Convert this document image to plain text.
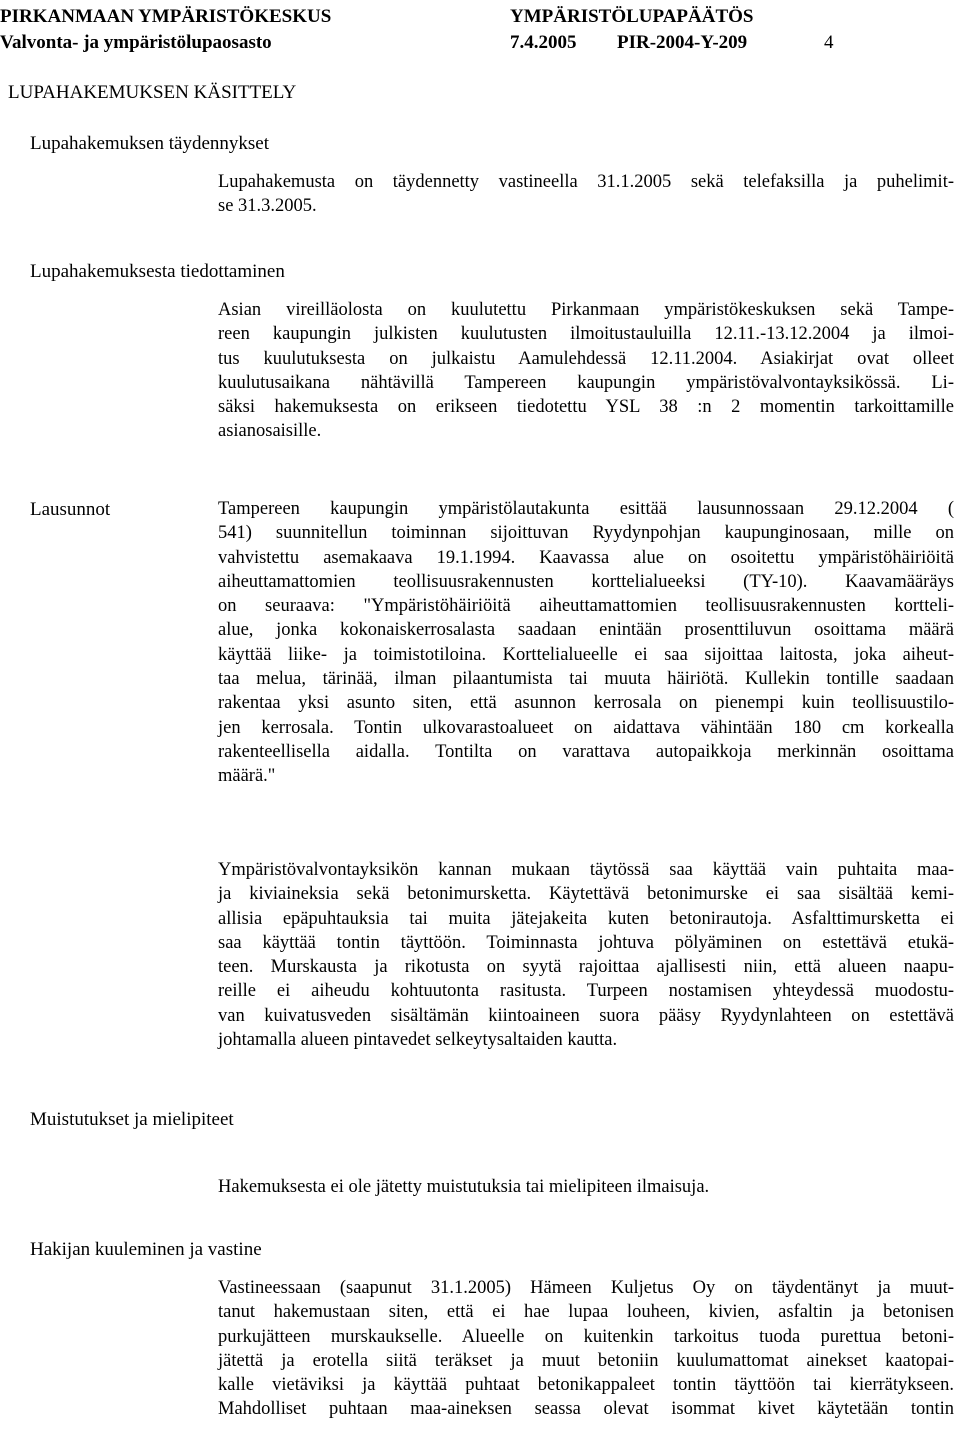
PIRKANMAAN YMPÄRISTÖKESKUS	YMPÄRISTÖLUPAPÄÄTÖS
Valvonta- ja ympäristölupaosasto	7.4.2005 PIR-2004-Y-209	4
LUPAHAKEMUKSEN KÄSITTELY
Lupahakemuksen täydennykset
Lupahakemusta on täydennetty vastineella 31.1.2005 sekä telefaksilla ja puhelimit-
se 31.3.2005.
Lupahakemuksesta tiedottaminen
Asian vireilläolosta on kuulutettu Pirkanmaan ympäristökeskuksen sekä Tampe-
reen kaupungin julkisten kuulutusten ilmoitustauluilla 12.11.-13.12.2004 ja ilmoi-
tus kuulutuksesta on julkaistu Aamulehdessä 12.11.2004. Asiakirjat ovat olleet
kuulutusaikana nähtävillä Tampereen kaupungin ympäristövalvontayksikössä. Li-
säksi hakemuksesta on erikseen tiedotettu YSL 38 :n 2 momentin tarkoittamille
asianosaisille.
Lausunnot	Tampereen kaupungin ympäristölautakunta esittää lausunnossaan 29.12.2004 (
541) suunnitellun toiminnan sijoittuvan Ryydynpohjan kaupunginosaan, mille on
vahvistettu asemakaava 19.1.1994. Kaavassa alue on osoitettu ympäristöhäiriöitä
aiheuttamattomien teollisuusrakennusten korttelialueeksi (TY-10). Kaavamääräys
on seuraava: "Ympäristöhäiriöitä aiheuttamattomien teollisuusrakennusten kortteli-
alue, jonka kokonaiskerrosalasta saadaan enintään prosenttiluvun osoittama määrä
käyttää liike- ja toimistotiloina. Korttelialueelle ei saa sijoittaa laitosta, joka aiheut-
taa melua, tärinää, ilman pilaantumista tai muuta häiriötä. Kullekin tontille saadaan
rakentaa yksi asunto siten, että asunnon kerrosala on pienempi kuin teollisuustilo-
jen kerrosala. Tontin ulkovarastoalueet on aidattava vähintään 180 cm korkealla
rakenteellisella aidalla. Tontilta on varattava autopaikkoja merkinnän osoittama
määrä."
Ympäristövalvontayksikön kannan mukaan täytössä saa käyttää vain puhtaita maa-
ja kiviaineksia sekä betonimursketta. Käytettävä betonimurske ei saa sisältää kemi-
allisia epäpuhtauksia tai muita jätejakeita kuten betonirautoja. Asfalttimursketta ei
saa käyttää tontin täyttöön. Toiminnasta johtuva pölyäminen on estettävä etukä-
teen. Murskausta ja rikotusta on syytä rajoittaa ajallisesti niin, että alueen naapu-
reille ei aiheudu kohtuutonta rasitusta. Turpeen nostamisen yhteydessä muodostu-
van kuivatusveden sisältämän kiintoaineen suora pääsy Ryydynlahteen on estettävä
johtamalla alueen pintavedet selkeytysaltaiden kautta.
Muistutukset ja mielipiteet
Hakemuksesta ei ole jätetty muistutuksia tai mielipiteen ilmaisuja.
Hakijan kuuleminen ja vastine
Vastineessaan (saapunut 31.1.2005) Hämeen Kuljetus Oy on täydentänyt ja muut-
tanut hakemustaan siten, että ei hae lupaa louheen, kivien, asfaltin ja betonisen
purkujätteen murskaukselle. Alueelle on kuitenkin tarkoitus tuoda purettua betoni-
jätettä ja erotella siitä teräkset ja muut betoniin kuulumattomat ainekset kaatopai-
kalle vietäviksi ja käyttää puhtaat betonikappaleet tontin täyttöön tai kierrätykseen.
Mahdolliset puhtaan maa-aineksen seassa olevat isommat kivet käytetään tontin
